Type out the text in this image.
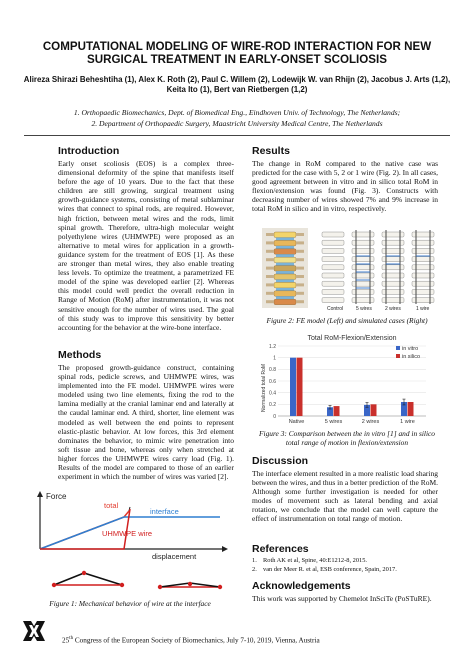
COMPUTATIONAL MODELING OF WIRE-ROD INTERACTION FOR NEW SURGICAL TREATMENT IN EARLY-ONSET SCOLIOSIS
Alireza Shirazi Beheshtiha (1), Alex K. Roth (2), Paul C. Willem (2), Lodewijk W. van Rhijn (2), Jacobus J. Arts (1,2), Keita Ito (1), Bert van Rietbergen (1,2)
1. Orthopaedic Biomechanics, Dept. of Biomedical Eng., Eindhoven Univ. of Technology, The Netherlands;
2. Department of Orthopaedic Surgery, Maastricht University Medical Centre, The Netherlands
Introduction
Early onset scoliosis (EOS) is a complex three-dimensional deformity of the spine that manifests itself before the age of 10 years. Due to the fact that these children are still growing, surgical treatment using growth-guidance systems, consisting of metal sublaminar wires that connect to spinal rods, are required. However, high friction, between metal wires and the rods, limit spinal growth. Therefore, ultra-high molecular weight polyethylene wires (UHMWPE) were proposed as an alternative to metal wires for application in a growth-guidance system for the treatment of EOS [1]. As these are stronger than metal wires, they also enable treating less levels. To optimize the treatment, a parametrized FE model of the spine was developed earlier [2]. Whereas this model could well predict the overall reduction in Range of Motion (RoM) after instrumentation, it was not sensitive enough for the number of wires used. The goal of this study was to improve this sensitivity by better accounting for the behavior at the wire-bone interface.
Methods
The proposed growth-guidance construct, containing spinal rods, pedicle screws, and UHMWPE wires, was implemented into the FE model. UHMWPE wires were modeled using two line elements, fixing the rod to the lamina medially at the cranial laminar end and laterally at the caudal laminar end. A third, shorter, line element was modeled as well between the end points to represent elastic-plastic behavior. At low forces, this 3rd element dominates the behavior, to mimic wire penetration into soft tissue and bone, whereas only when stretched at higher forces the UHMWPE wires carry load (Fig. 1). Results of the model are compared to those of an earlier experiment in which the number of wires was varied [2].
Force
displacement
total
interface
UHMWPE wire
Figure 1: Mechanical behavior of wire at the interface
Results
The change in RoM compared to the native case was predicted for the case with 5, 2 or 1 wire (Fig. 2). In all cases, good agreement between in vitro and in silico total RoM in flexion/extension was found (Fig. 3). Constructs with decreasing number of wires showed 7% and 9% increase in total RoM in silico and in vitro, respectively.
Control	5 wires	2 wires	1 wire
Figure 2: FE model (Left) and simulated cases (Right)
Total RoM-Flexion/Extension
Normalized total RoM
0
0.2
0.4
0.6
0.8
1
1.2
Native	5 wires	2 wires	1 wire
in vitro
in silico
Figure 3: Comparison between the in vitro [1] and in silico total range of motion in flexion/extension
Discussion
The interface element resulted in a more realistic load sharing between the wires, and thus in a better prediction of the RoM. Although some further investigation is needed for other modes of movement such as lateral bending and axial rotation, we conclude that the model can well capture the effect of instrumentation on total range of motion.
References
1. Roth AK et al, Spine, 40:E1212-8, 2015.
2. van der Meer R. et al, ESB conference, Spain, 2017.
Acknowledgements
This work was supported by Chemelot InSciTe (PoSTuRE).
25th Congress of the European Society of Biomechanics, July 7-10, 2019, Vienna, Austria
